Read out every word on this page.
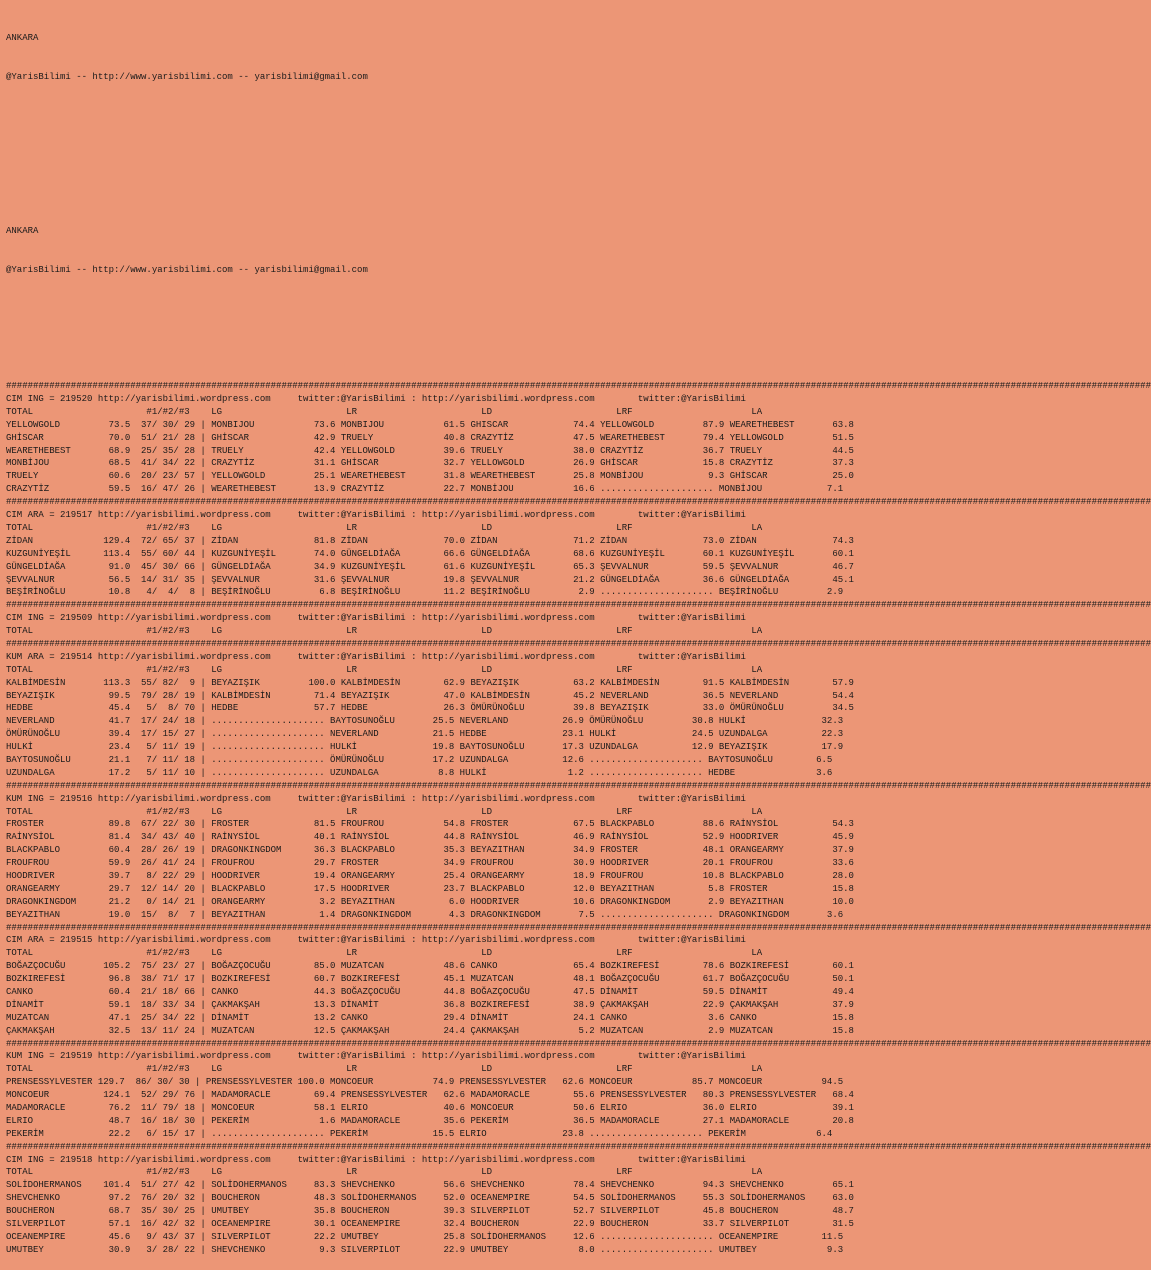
ANKARA

@YarisBilimi -- http://www.yarisbilimi.com -- yarisbilimi@gmail.com

ANKARA

@YarisBilimi -- http://www.yarisbilimi.com -- yarisbilimi@gmail.com

####################################################################################################################################################################################################################
CIM ING = 219520 http://yarisbilimi.wordpress.com     twitter:@YarisBilimi : http://yarisbilimi.wordpress.com        twitter:@YarisBilimi
TOTAL                     #1/#2/#3    LG                       LR                       LD                       LRF                      LA
YELLOWGOLD         73.5  37/ 30/ 29 | MONBIJOU           73.6 MONBIJOU           61.5 GHISCAR            74.4 YELLOWGOLD         87.9 WEARETHEBEST       63.8
GHİSCAR            70.0  51/ 21/ 28 | GHİSCAR            42.9 TRUELY             40.8 CRAZYTİZ           47.5 WEARETHEBEST       79.4 YELLOWGOLD         51.5
WEARETHEBEST       68.9  25/ 35/ 28 | TRUELY             42.4 YELLOWGOLD         39.6 TRUELY             38.0 CRAZYTİZ           36.7 TRUELY             44.5
MONBİJOU           68.5  41/ 34/ 22 | CRAZYTİZ           31.1 GHİSCAR            32.7 YELLOWGOLD         26.9 GHİSCAR            15.8 CRAZYTİZ           37.3
TRUELY             60.6  20/ 23/ 57 | YELLOWGOLD         25.1 WEARETHEBEST       31.8 WEARETHEBEST       25.8 MONBİJOU            9.3 GHİSCAR            25.0
CRAZYTİZ           59.5  16/ 47/ 26 | WEARETHEBEST       13.9 CRAZYTİZ           22.7 MONBİJOU           16.6 ..................... MONBİJOU            7.1
####################################################################################################################################################################################################################
CIM ARA = 219517 http://yarisbilimi.wordpress.com     twitter:@YarisBilimi : http://yarisbilimi.wordpress.com        twitter:@YarisBilimi
TOTAL                     #1/#2/#3    LG                       LR                       LD                       LRF                      LA
ZİDAN             129.4  72/ 65/ 37 | ZİDAN              81.8 ZİDAN              70.0 ZİDAN              71.2 ZİDAN              73.0 ZİDAN              74.3
KUZGUNİYEŞİL      113.4  55/ 60/ 44 | KUZGUNİYEŞİL       74.0 GÜNGELDİAĞA        66.6 GÜNGELDİAĞA        68.6 KUZGUNİYEŞİL       60.1 KUZGUNİYEŞİL       60.1
GÜNGELDİAĞA        91.0  45/ 30/ 66 | GÜNGELDİAĞA        34.9 KUZGUNİYEŞİL       61.6 KUZGUNİYEŞİL       65.3 ŞEVVALNUR          59.5 ŞEVVALNUR          46.7
ŞEVVALNUR          56.5  14/ 31/ 35 | ŞEVVALNUR          31.6 ŞEVVALNUR          19.8 ŞEVVALNUR          21.2 GÜNGELDİAĞA        36.6 GÜNGELDİAĞA        45.1
BEŞİRİNOĞLU        10.8   4/  4/  8 | BEŞİRİNOĞLU         6.8 BEŞİRİNOĞLU        11.2 BEŞİRİNOĞLU         2.9 ..................... BEŞİRİNOĞLU         2.9
####################################################################################################################################################################################################################
CIM ING = 219509 http://yarisbilimi.wordpress.com     twitter:@YarisBilimi : http://yarisbilimi.wordpress.com        twitter:@YarisBilimi
TOTAL                     #1/#2/#3    LG                       LR                       LD                       LRF                      LA
####################################################################################################################################################################################################################
KUM ARA = 219514 http://yarisbilimi.wordpress.com     twitter:@YarisBilimi : http://yarisbilimi.wordpress.com        twitter:@YarisBilimi
TOTAL                     #1/#2/#3    LG                       LR                       LD                       LRF                      LA
KALBİMDESİN       113.3  55/ 82/  9 | BEYAZIŞIK         100.0 KALBİMDESİN        62.9 BEYAZIŞIK          63.2 KALBİMDESİN        91.5 KALBİMDESİN        57.9
BEYAZIŞIK          99.5  79/ 28/ 19 | KALBİMDESİN        71.4 BEYAZIŞIK          47.0 KALBİMDESİN        45.2 NEVERLAND          36.5 NEVERLAND          54.4
HEDBE              45.4   5/  8/ 70 | HEDBE              57.7 HEDBE              26.3 ÖMÜRÜNOĞLU         39.8 BEYAZIŞIK          33.0 ÖMÜRÜNOĞLU         34.5
NEVERLAND          41.7  17/ 24/ 18 | ..................... BAYTOSUNOĞLU       25.5 NEVERLAND          26.9 ÖMÜRÜNOĞLU         30.8 HULKİ              32.3
ÖMÜRÜNOĞLU         39.4  17/ 15/ 27 | ..................... NEVERLAND          21.5 HEDBE              23.1 HULKİ              24.5 UZUNDALGA          22.3
HULKİ              23.4   5/ 11/ 19 | ..................... HULKİ              19.8 BAYTOSUNOĞLU       17.3 UZUNDALGA          12.9 BEYAZIŞIK          17.9
BAYTOSUNOĞLU       21.1   7/ 11/ 18 | ..................... ÖMÜRÜNOĞLU         17.2 UZUNDALGA          12.6 ..................... BAYTOSUNOĞLU        6.5
UZUNDALGA          17.2   5/ 11/ 10 | ..................... UZUNDALGA           8.8 HULKİ               1.2 ..................... HEDBE               3.6
####################################################################################################################################################################################################################
KUM ING = 219516 http://yarisbilimi.wordpress.com     twitter:@YarisBilimi : http://yarisbilimi.wordpress.com        twitter:@YarisBilimi
TOTAL                     #1/#2/#3    LG                       LR                       LD                       LRF                      LA
FROSTER            89.8  67/ 22/ 30 | FROSTER            81.5 FROUFROU           54.8 FROSTER            67.5 BLACKPABLO         88.6 RAİNYSİOL          54.3
RAİNYSİOL          81.4  34/ 43/ 40 | RAİNYSİOL          40.1 RAİNYSİOL          44.8 RAİNYSİOL          46.9 RAİNYSİOL          52.9 HOODRIVER          45.9
BLACKPABLO         60.4  28/ 26/ 19 | DRAGONKINGDOM      36.3 BLACKPABLO         35.3 BEYAZITHAN         34.9 FROSTER            48.1 ORANGEARMY         37.9
FROUFROU           59.9  26/ 41/ 24 | FROUFROU           29.7 FROSTER            34.9 FROUFROU           30.9 HOODRIVER          20.1 FROUFROU           33.6
HOODRIVER          39.7   8/ 22/ 29 | HOODRIVER          19.4 ORANGEARMY         25.4 ORANGEARMY         18.9 FROUFROU           10.8 BLACKPABLO         28.0
ORANGEARMY         29.7  12/ 14/ 20 | BLACKPABLO         17.5 HOODRIVER          23.7 BLACKPABLO         12.0 BEYAZITHAN          5.8 FROSTER            15.8
DRAGONKINGDOM      21.2   0/ 14/ 21 | ORANGEARMY          3.2 BEYAZITHAN          6.0 HOODRIVER          10.6 DRAGONKINGDOM       2.9 BEYAZITHAN         10.0
BEYAZITHAN         19.0  15/  8/  7 | BEYAZITHAN          1.4 DRAGONKINGDOM       4.3 DRAGONKINGDOM       7.5 ..................... DRAGONKINGDOM       3.6
####################################################################################################################################################################################################################
CIM ARA = 219515 http://yarisbilimi.wordpress.com     twitter:@YarisBilimi : http://yarisbilimi.wordpress.com        twitter:@YarisBilimi
TOTAL                     #1/#2/#3    LG                       LR                       LD                       LRF                      LA
BOĞAZÇOCUĞU       105.2  75/ 23/ 27 | BOĞAZÇOCUĞU        85.0 MUZATCAN           48.6 CANKO              65.4 BOZKIREFESİ        78.6 BOZKIREFESİ        60.1
BOZKIREFESİ        96.8  38/ 71/ 17 | BOZKIREFESİ        60.7 BOZKIREFESİ        45.1 MUZATCAN           48.1 BOĞAZÇOCUĞU        61.7 BOĞAZÇOCUĞU        50.1
CANKO              60.4  21/ 18/ 66 | CANKO              44.3 BOĞAZÇOCUĞU        44.8 BOĞAZÇOCUĞU        47.5 DİNAMİT            59.5 DİNAMİT            49.4
DİNAMİT            59.1  18/ 33/ 34 | ÇAKMAKŞAH          13.3 DİNAMİT            36.8 BOZKIREFESİ        38.9 ÇAKMAKŞAH          22.9 ÇAKMAKŞAH          37.9
MUZATCAN           47.1  25/ 34/ 22 | DİNAMİT            13.2 CANKO              29.4 DİNAMİT            24.1 CANKO               3.6 CANKO              15.8
ÇAKMAKŞAH          32.5  13/ 11/ 24 | MUZATCAN           12.5 ÇAKMAKŞAH          24.4 ÇAKMAKŞAH           5.2 MUZATCAN            2.9 MUZATCAN           15.8
####################################################################################################################################################################################################################
KUM ING = 219519 http://yarisbilimi.wordpress.com     twitter:@YarisBilimi : http://yarisbilimi.wordpress.com        twitter:@YarisBilimi
TOTAL                     #1/#2/#3    LG                       LR                       LD                       LRF                      LA
PRENSESSYLVESTER 129.7  86/ 30/ 30 | PRENSESSYLVESTER 100.0 MONCOEUR           74.9 PRENSESSYLVESTER   62.6 MONCOEUR           85.7 MONCOEUR           94.5
MONCOEUR          124.1  52/ 29/ 76 | MADAMORACLE        69.4 PRENSESSYLVESTER   62.6 MADAMORACLE        55.6 PRENSESSYLVESTER   80.3 PRENSESSYLVESTER   68.4
MADAMORACLE        76.2  11/ 79/ 18 | MONCOEUR           58.1 ELRIO              40.6 MONCOEUR           50.6 ELRIO              36.0 ELRIO              39.1
ELRIO              48.7  16/ 18/ 30 | PEKERİM             1.6 MADAMORACLE        35.6 PEKERİM            36.5 MADAMORACLE        27.1 MADAMORACLE        20.8
PEKERİM            22.2   6/ 15/ 17 | ..................... PEKERİM            15.5 ELRIO              23.8 ..................... PEKERİM             6.4
####################################################################################################################################################################################################################
CIM ING = 219518 http://yarisbilimi.wordpress.com     twitter:@YarisBilimi : http://yarisbilimi.wordpress.com        twitter:@YarisBilimi
TOTAL                     #1/#2/#3    LG                       LR                       LD                       LRF                      LA
SOLİDOHERMANOS    101.4  51/ 27/ 42 | SOLİDOHERMANOS     83.3 SHEVCHENKO         56.6 SHEVCHENKO         78.4 SHEVCHENKO         94.3 SHEVCHENKO         65.1
SHEVCHENKO         97.2  76/ 20/ 32 | BOUCHERON          48.3 SOLİDOHERMANOS     52.0 OCEANEMPIRE        54.5 SOLİDOHERMANOS     55.3 SOLİDOHERMANOS     63.0
BOUCHERON          68.7  35/ 30/ 25 | UMUTBEY            35.8 BOUCHERON          39.3 SILVERPILOT        52.7 SILVERPILOT        45.8 BOUCHERON          48.7
SILVERPILOT        57.1  16/ 42/ 32 | OCEANEMPIRE        30.1 OCEANEMPIRE        32.4 BOUCHERON          22.9 BOUCHERON          33.7 SILVERPILOT        31.5
OCEANEMPIRE        45.6   9/ 43/ 37 | SILVERPILOT        22.2 UMUTBEY            25.8 SOLİDOHERMANOS     12.6 ..................... OCEANEMPIRE        11.5
UMUTBEY            30.9   3/ 28/ 22 | SHEVCHENKO          9.3 SILVERPILOT        22.9 UMUTBEY             8.0 ..................... UMUTBEY             9.3
